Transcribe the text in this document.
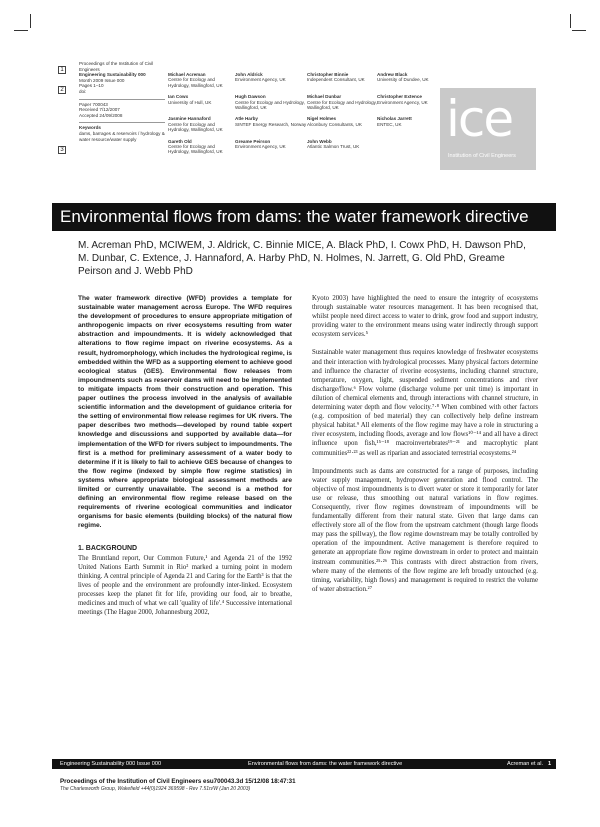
1
2
3
Proceedings of the Institution of Civil Engineers
Engineering Sustainability 000
Month 2009 Issue 000
Pages 1–10
doi:
Paper 700043
Received 7/12/2007
Accepted 24/09/2008
Keywords
dams, barrages & reservoirs / hydrology & water resource/water supply
Michael Acreman
Centre for Ecology and Hydrology, Wallingford, UK
John Aldrick
Environment Agency, UK
Christopher Binnie
Independent Consultant, UK
Andrew Black
University of Dundee, UK
Ian Cowx
University of Hull, UK
Hugh Dawson
Centre for Ecology and Hydrology, Wallingford, UK
Michael Dunbar
Centre for Ecology and Hydrology, Wallingford, UK
Christopher Extence
Environment Agency, UK
Jasmine Hannaford
Centre for Ecology and Hydrology, Wallingford, UK
Atle Harby
SINTEF Energy Research, Norway
Nigel Holmes
Alconbury Consultants, UK
Nicholas Jarrett
ENTEC, UK
Gareth Old
Centre for Ecology and Hydrology, Wallingford, UK
Greame Peirson
Environment Agency, UK
John Webb
Atlantic Salmon Trust, UK	ice
Institution of Civil Engineers
Environmental flows from dams: the water framework directive
M. Acreman PhD, MCIWEM, J. Aldrick, C. Binnie MICE, A. Black PhD, I. Cowx PhD, H. Dawson PhD, M. Dunbar, C. Extence, J. Hannaford, A. Harby PhD, N. Holmes, N. Jarrett, G. Old PhD, Greame Peirson and J. Webb PhD
The water framework directive (WFD) provides a template for sustainable water management across Europe. The WFD requires the development of procedures to ensure appropriate mitigation of anthropogenic impacts on river ecosystems resulting from water abstraction and impoundments. It is widely acknowledged that alterations to flow regime impact on riverine ecosystems. As a result, hydromorphology, which includes the hydrological regime, is embedded within the WFD as a supporting element to achieve good ecological status (GES). Environmental flow releases from impoundments such as reservoir dams will need to be implemented to mitigate impacts from their construction and operation. This paper outlines the process involved in the analysis of available scientific information and the development of guidance criteria for the setting of environmental flow release regimes for UK rivers. The paper describes two methods—developed by round table expert knowledge and discussions and supported by available data—for implementation of the WFD for rivers subject to impoundments. The first is a method for preliminary assessment of a water body to determine if it is likely to fail to achieve GES because of changes to the flow regime (indexed by simple flow regime statistics) in systems where appropriate biological assessment methods are limited or currently unavailable. The second is a method for defining an environmental flow regime release based on the requirements of riverine ecological communities and indicator organisms for basic elements (building blocks) of the natural flow regime.
1. BACKGROUND
The Bruntland report, Our Common Future,¹ and Agenda 21 of the 1992 United Nations Earth Summit in Rio² marked a turning point in modern thinking. A central principle of Agenda 21 and Caring for the Earth³ is that the lives of people and the environment are profoundly inter-linked. Ecosystem processes keep the planet fit for life, providing our food, air to breathe, medicines and much of what we call 'quality of life'.⁴ Successive international meetings (The Hague 2000, Johannesburg 2002,

Kyoto 2003) have highlighted the need to ensure the integrity of ecosystems through sustainable water resources management. It has been recognised that, whilst people need direct access to water to drink, grow food and support industry, providing water to the environment means using water indirectly through support ecosystem services.⁵

Sustainable water management thus requires knowledge of freshwater ecosystems and their interaction with hydrological processes. Many physical factors determine and influence the character of riverine ecosystems, including channel structure, temperature, oxygen, light, suspended sediment concentrations and river discharge/flow.⁶ Flow volume (discharge volume per unit time) is important in dilution of chemical elements and, through interactions with channel structure, in determining water depth and flow velocity.⁷·⁸ When combined with other factors (e.g. composition of bed material) they can collectively help define instream physical habitat.⁹ All elements of the flow regime may have a role in structuring a river ecosystem, including floods, average and low flows¹⁰⁻¹⁴ and all have a direct influence upon fish,¹⁵⁻¹⁸ macroinvertebrates¹⁹⁻²¹ and macrophytic plant communities²²·²³ as well as riparian and associated terrestrial ecosystems.²⁴

Impoundments such as dams are constructed for a range of purposes, including water supply management, hydropower generation and flood control. The objective of most impoundments is to divert water or store it temporarily for later use or release, thus smoothing out natural variations in flow regimes. Consequently, river flow regimes downstream of impoundments will be fundamentally different from their natural state. Given that large dams can effectively store all of the flow from the upstream catchment (though large floods may pass the spillway), the flow regime downstream may be totally controlled by operation of the impoundment. Active management is therefore required to generate an appropriate flow regime downstream in order to protect and maintain instream communities.²⁵·²⁶ This contrasts with direct abstraction from rivers, where many of the elements of the flow regime are left broadly untouched (e.g. timing, variability, high flows) and management is required to restrict the volume of water abstraction.²⁷

Engineering Sustainability 000 Issue 000	Environmental flows from dams: the water framework directive	Acreman et al. 1
Proceedings of the Institution of Civil Engineers esu700043.3d 15/12/08 18:47:31
The Charlesworth Group, Wakefield +44(0)1924 369598 - Rev 7.51n/W (Jan 20 2003)
